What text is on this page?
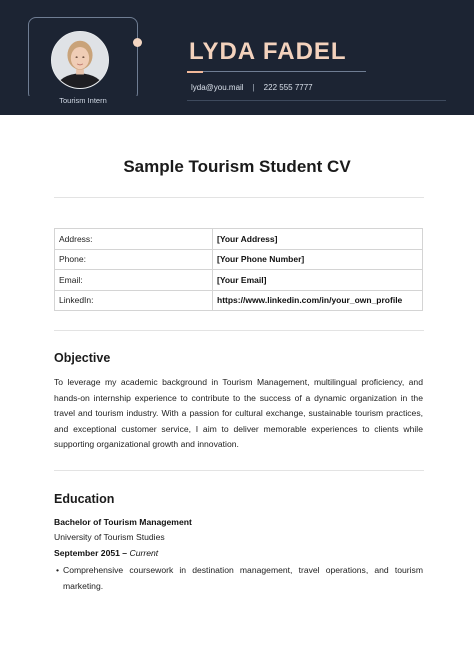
Tourism Intern
LYDA FADEL
lyda@you.mail | 222 555 7777
Sample Tourism Student CV
Address:	[Your Address]
Phone:	[Your Phone Number]
Email:	[Your Email]
LinkedIn:	https://www.linkedin.com/in/your_own_profile
Objective
To leverage my academic background in Tourism Management, multilingual proficiency, and hands-on internship experience to contribute to the success of a dynamic organization in the travel and tourism industry. With a passion for cultural exchange, sustainable tourism practices, and exceptional customer service, I aim to deliver memorable experiences to clients while supporting organizational growth and innovation.
Education
Bachelor of Tourism Management
University of Tourism Studies
September 2051 – Current
• Comprehensive coursework in destination management, travel operations, and tourism marketing.
